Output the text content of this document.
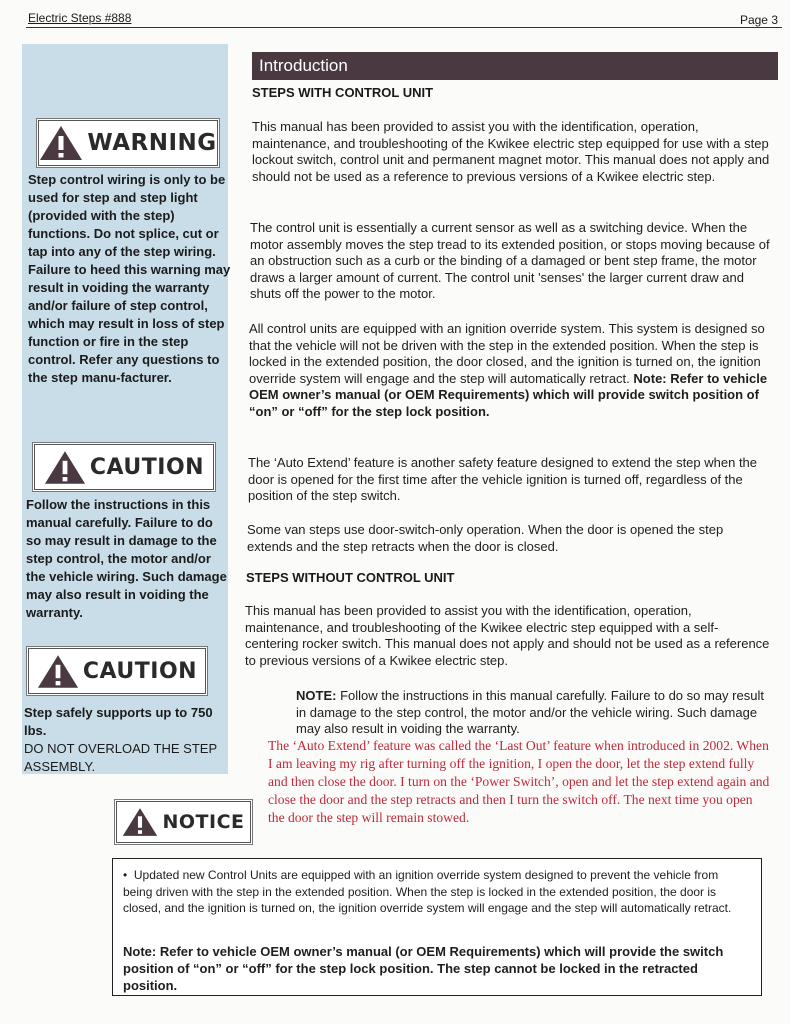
Electric Steps #888	Page 3
WARNING

Step control wiring is only to be used for step and step light (provided with the step) functions. Do not splice, cut or tap into any of the step wiring. Failure to heed this warning may result in voiding the warranty and/or failure of step control, which may result in loss of step function or fire in the step control. Refer any questions to the step manu-facturer.

CAUTION

Follow the instructions in this manual carefully. Failure to do so may result in damage to the step control, the motor and/or the vehicle wiring. Such damage may also result in voiding the warranty.

CAUTION

Step safely supports up to 750 lbs.

DO NOT OVERLOAD THE STEP ASSEMBLY.

NOTICE
Introduction
STEPS WITH CONTROL UNIT

This manual has been provided to assist you with the identification, operation, maintenance, and troubleshooting of the Kwikee electric step equipped for use with a step lockout switch, control unit and permanent magnet motor. This manual does not apply and should not be used as a reference to previous versions of a Kwikee electric step.

The control unit is essentially a current sensor as well as a switching device. When the motor assembly moves the step tread to its extended position, or stops moving because of an obstruction such as a curb or the binding of a damaged or bent step frame, the motor draws a larger amount of current. The control unit 'senses' the larger current draw and shuts off the power to the motor.

All control units are equipped with an ignition override system. This system is designed so that the vehicle will not be driven with the step in the extended position. When the step is locked in the extended position, the door closed, and the ignition is turned on, the ignition override system will engage and the step will automatically retract. Note: Refer to vehicle OEM owner’s manual (or OEM Requirements) which will provide switch position of “on” or “off” for the step lock position.

The ‘Auto Extend’ feature is another safety feature designed to extend the step when the door is opened for the first time after the vehicle ignition is turned off, regardless of the position of the step switch.

Some van steps use door-switch-only operation. When the door is opened the step extends and the step retracts when the door is closed.

STEPS WITHOUT CONTROL UNIT

This manual has been provided to assist you with the identification, operation, maintenance, and troubleshooting of the Kwikee electric step equipped with a self-centering rocker switch. This manual does not apply and should not be used as a reference to previous versions of a Kwikee electric step.

NOTE: Follow the instructions in this manual carefully. Failure to do so may result in damage to the step control, the motor and/or the vehicle wiring. Such damage may also result in voiding the warranty.

The ‘Auto Extend’ feature was called the ‘Last Out’ feature when introduced in 2002. When I am leaving my rig after turning off the ignition, I open the door, let the step extend fully and then close the door. I turn on the ‘Power Switch’, open and let the step extend again and close the door and the step retracts and then I turn the switch off. The next time you open the door the step will remain stowed.

•  Updated new Control Units are equipped with an ignition override system designed to prevent the vehicle from being driven with the step in the extended position. When the step is locked in the extended position, the door is closed, and the ignition is turned on, the ignition override system will engage and the step will automatically retract.

Note: Refer to vehicle OEM owner’s manual (or OEM Requirements) which will provide the switch position of “on” or “off” for the step lock position. The step cannot be locked in the retracted position.
